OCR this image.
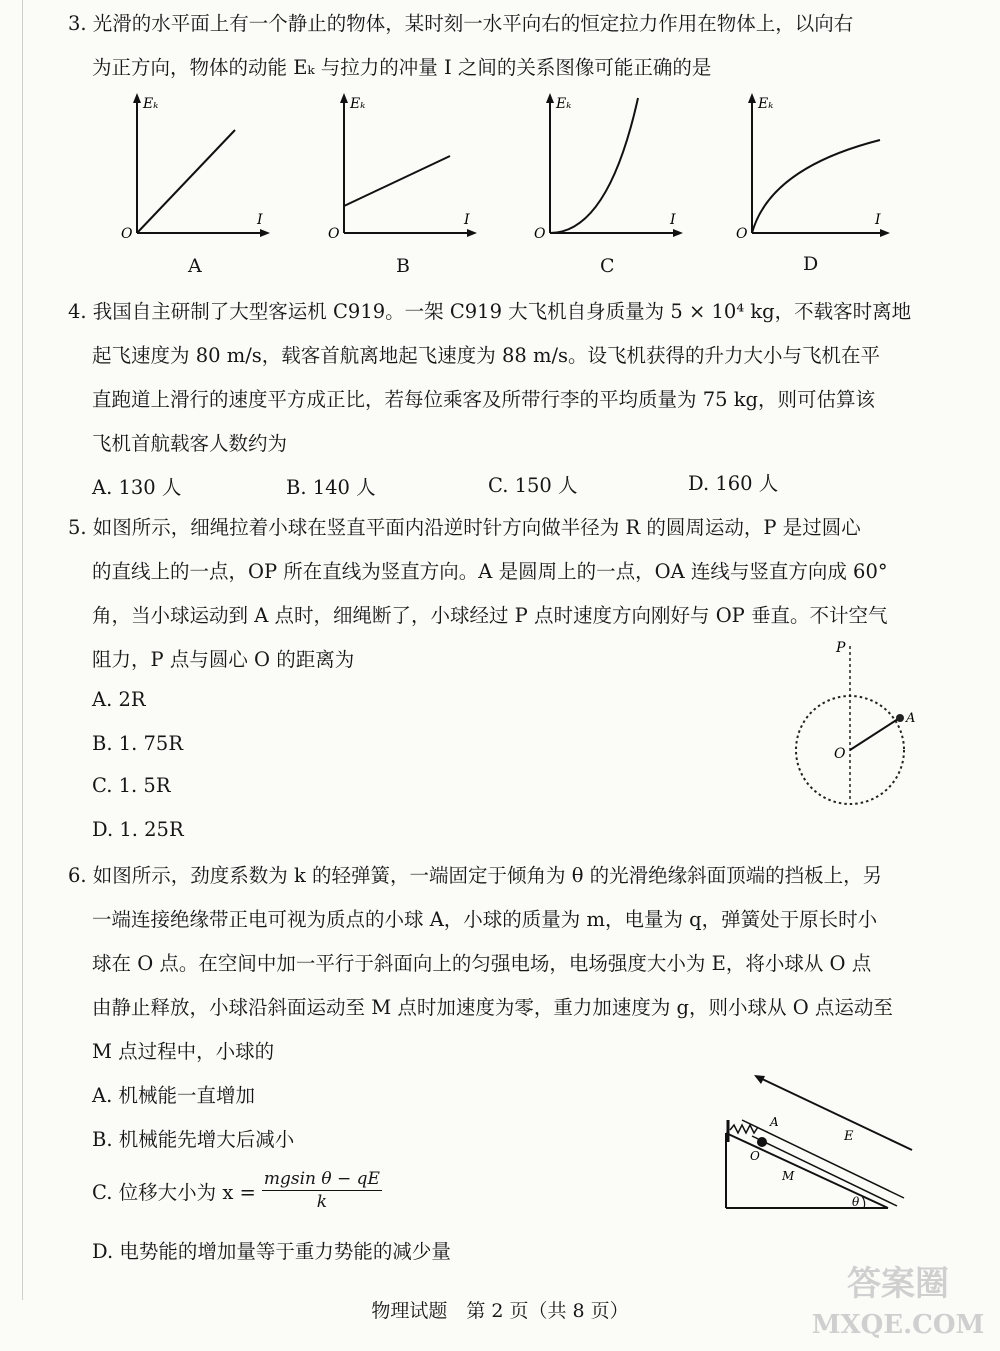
3. 光滑的水平面上有一个静止的物体，某时刻一水平向右的恒定拉力作用在物体上，以向右
为正方向，物体的动能 Eₖ 与拉力的冲量 I 之间的关系图像可能正确的是
Eₖ
I
O
A
Eₖ
I
O
B
Eₖ
I
O
C
Eₖ
I
O
D
4. 我国自主研制了大型客运机 C919。一架 C919 大飞机自身质量为 5 × 10⁴ kg，不载客时离地
起飞速度为 80 m/s，载客首航离地起飞速度为 88 m/s。设飞机获得的升力大小与飞机在平
直跑道上滑行的速度平方成正比，若每位乘客及所带行李的平均质量为 75 kg，则可估算该
飞机首航载客人数约为
A. 130 人	B. 140 人	C. 150 人	D. 160 人
5. 如图所示，细绳拉着小球在竖直平面内沿逆时针方向做半径为 R 的圆周运动，P 是过圆心
的直线上的一点，OP 所在直线为竖直方向。A 是圆周上的一点，OA 连线与竖直方向成 60°
角，当小球运动到 A 点时，细绳断了，小球经过 P 点时速度方向刚好与 OP 垂直。不计空气
阻力，P 点与圆心 O 的距离为
A. 2R
B. 1. 75R
C. 1. 5R
D. 1. 25R
P
A
O
6. 如图所示，劲度系数为 k 的轻弹簧，一端固定于倾角为 θ 的光滑绝缘斜面顶端的挡板上，另
一端连接绝缘带正电可视为质点的小球 A，小球的质量为 m，电量为 q，弹簧处于原长时小
球在 O 点。在空间中加一平行于斜面向上的匀强电场，电场强度大小为 E，将小球从 O 点
由静止释放，小球沿斜面运动至 M 点时加速度为零，重力加速度为 g，则小球从 O 点运动至
M 点过程中，小球的
A. 机械能一直增加
B. 机械能先增大后减小
C. 位移大小为 $x = \frac{\text{mgsin θ − qE}}{k}$
D. 电势能的增加量等于重力势能的减少量
A
O
M
E
θ
物理试题　第 2 页（共 8 页）
答案圈
MXQE.COM
